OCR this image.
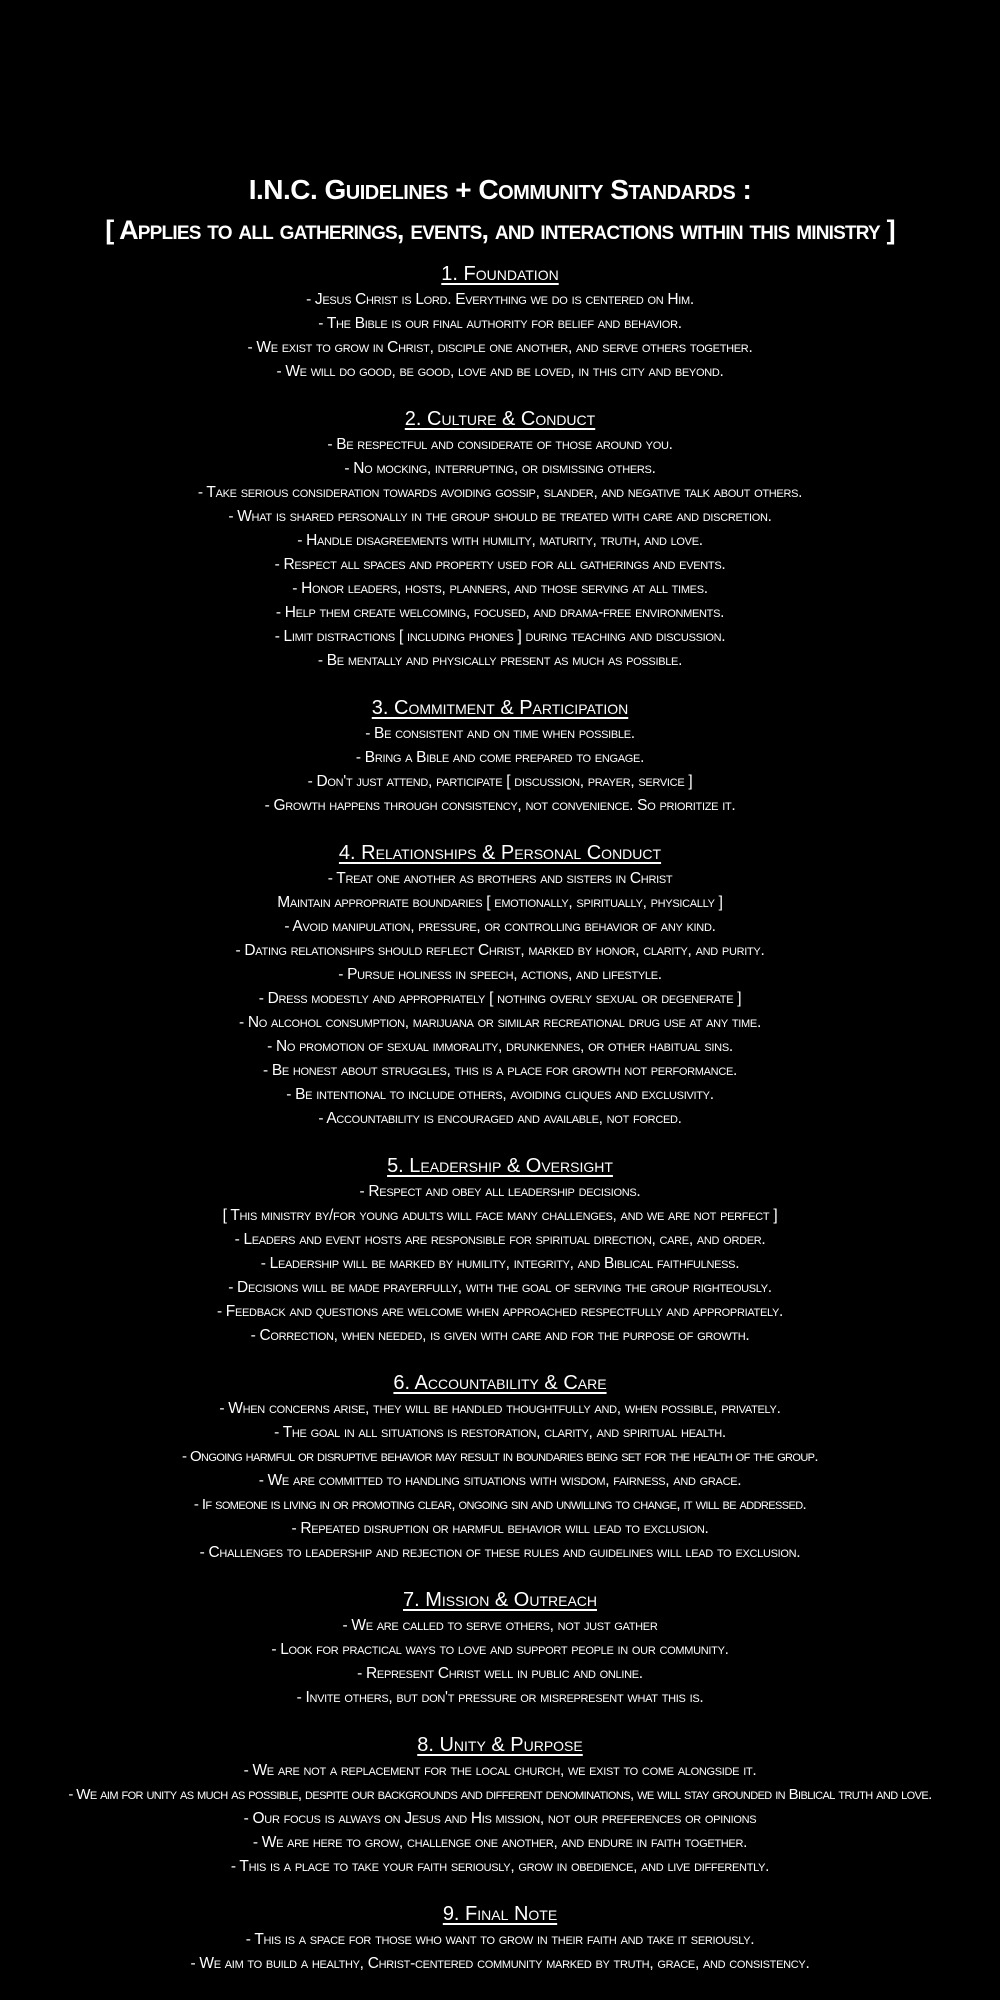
I.N.C. Guidelines + Community Standards :
[ Applies to all gatherings, events, and interactions within this ministry ]
1. Foundation
- Jesus Christ is Lord. Everything we do is centered on Him.
- The Bible is our final authority for belief and behavior.
- We exist to grow in Christ, disciple one another, and serve others together.
- We will do good, be good, love and be loved, in this city and beyond.
2. Culture & Conduct
- Be respectful and considerate of those around you.
- No mocking, interrupting, or dismissing others.
- Take serious consideration towards avoiding gossip, slander, and negative talk about others.
- What is shared personally in the group should be treated with care and discretion.
- Handle disagreements with humility, maturity, truth, and love.
- Respect all spaces and property used for all gatherings and events.
- Honor leaders, hosts, planners, and those serving at all times.
- Help them create welcoming, focused, and drama-free environments.
- Limit distractions [ including phones ] during teaching and discussion.
- Be mentally and physically present as much as possible.
3. Commitment & Participation
- Be consistent and on time when possible.
- Bring a Bible and come prepared to engage.
- Don't just attend, participate [ discussion, prayer, service ]
- Growth happens through consistency, not convenience. So prioritize it.
4. Relationships & Personal Conduct
- Treat one another as brothers and sisters in Christ
Maintain appropriate boundaries [ emotionally, spiritually, physically ]
- Avoid manipulation, pressure, or controlling behavior of any kind.
- Dating relationships should reflect Christ, marked by honor, clarity, and purity.
- Pursue holiness in speech, actions, and lifestyle.
- Dress modestly and appropriately [ nothing overly sexual or degenerate ]
- No alcohol consumption, marijuana or similar recreational drug use at any time.
- No promotion of sexual immorality, drunkennes, or other habitual sins.
- Be honest about struggles, this is a place for growth not performance.
- Be intentional to include others, avoiding cliques and exclusivity.
- Accountability is encouraged and available, not forced.
5. Leadership & Oversight
- Respect and obey all leadership decisions.
[ This ministry by/for young adults will face many challenges, and we are not perfect ]
- Leaders and event hosts are responsible for spiritual direction, care, and order.
- Leadership will be marked by humility, integrity, and Biblical faithfulness.
- Decisions will be made prayerfully, with the goal of serving the group righteously.
- Feedback and questions are welcome when approached respectfully and appropriately.
- Correction, when needed, is given with care and for the purpose of growth.
6. Accountability & Care
- When concerns arise, they will be handled thoughtfully and, when possible, privately.
- The goal in all situations is restoration, clarity, and spiritual health.
- Ongoing harmful or disruptive behavior may result in boundaries being set for the health of the group.
- We are committed to handling situations with wisdom, fairness, and grace.
- If someone is living in or promoting clear, ongoing sin and unwilling to change, it will be addressed.
- Repeated disruption or harmful behavior will lead to exclusion.
- Challenges to leadership and rejection of these rules and guidelines will lead to exclusion.
7. Mission & Outreach
- We are called to serve others, not just gather
- Look for practical ways to love and support people in our community.
- Represent Christ well in public and online.
- Invite others, but don't pressure or misrepresent what this is.
8. Unity & Purpose
- We are not a replacement for the local church, we exist to come alongside it.
- We aim for unity as much as possible, despite our backgrounds and different denominations, we will stay grounded in Biblical truth and love.
- Our focus is always on Jesus and His mission, not our preferences or opinions
- We are here to grow, challenge one another, and endure in faith together.
- This is a place to take your faith seriously, grow in obedience, and live differently.
9. Final Note
- This is a space for those who want to grow in their faith and take it seriously.
- We aim to build a healthy, Christ-centered community marked by truth, grace, and consistency.
